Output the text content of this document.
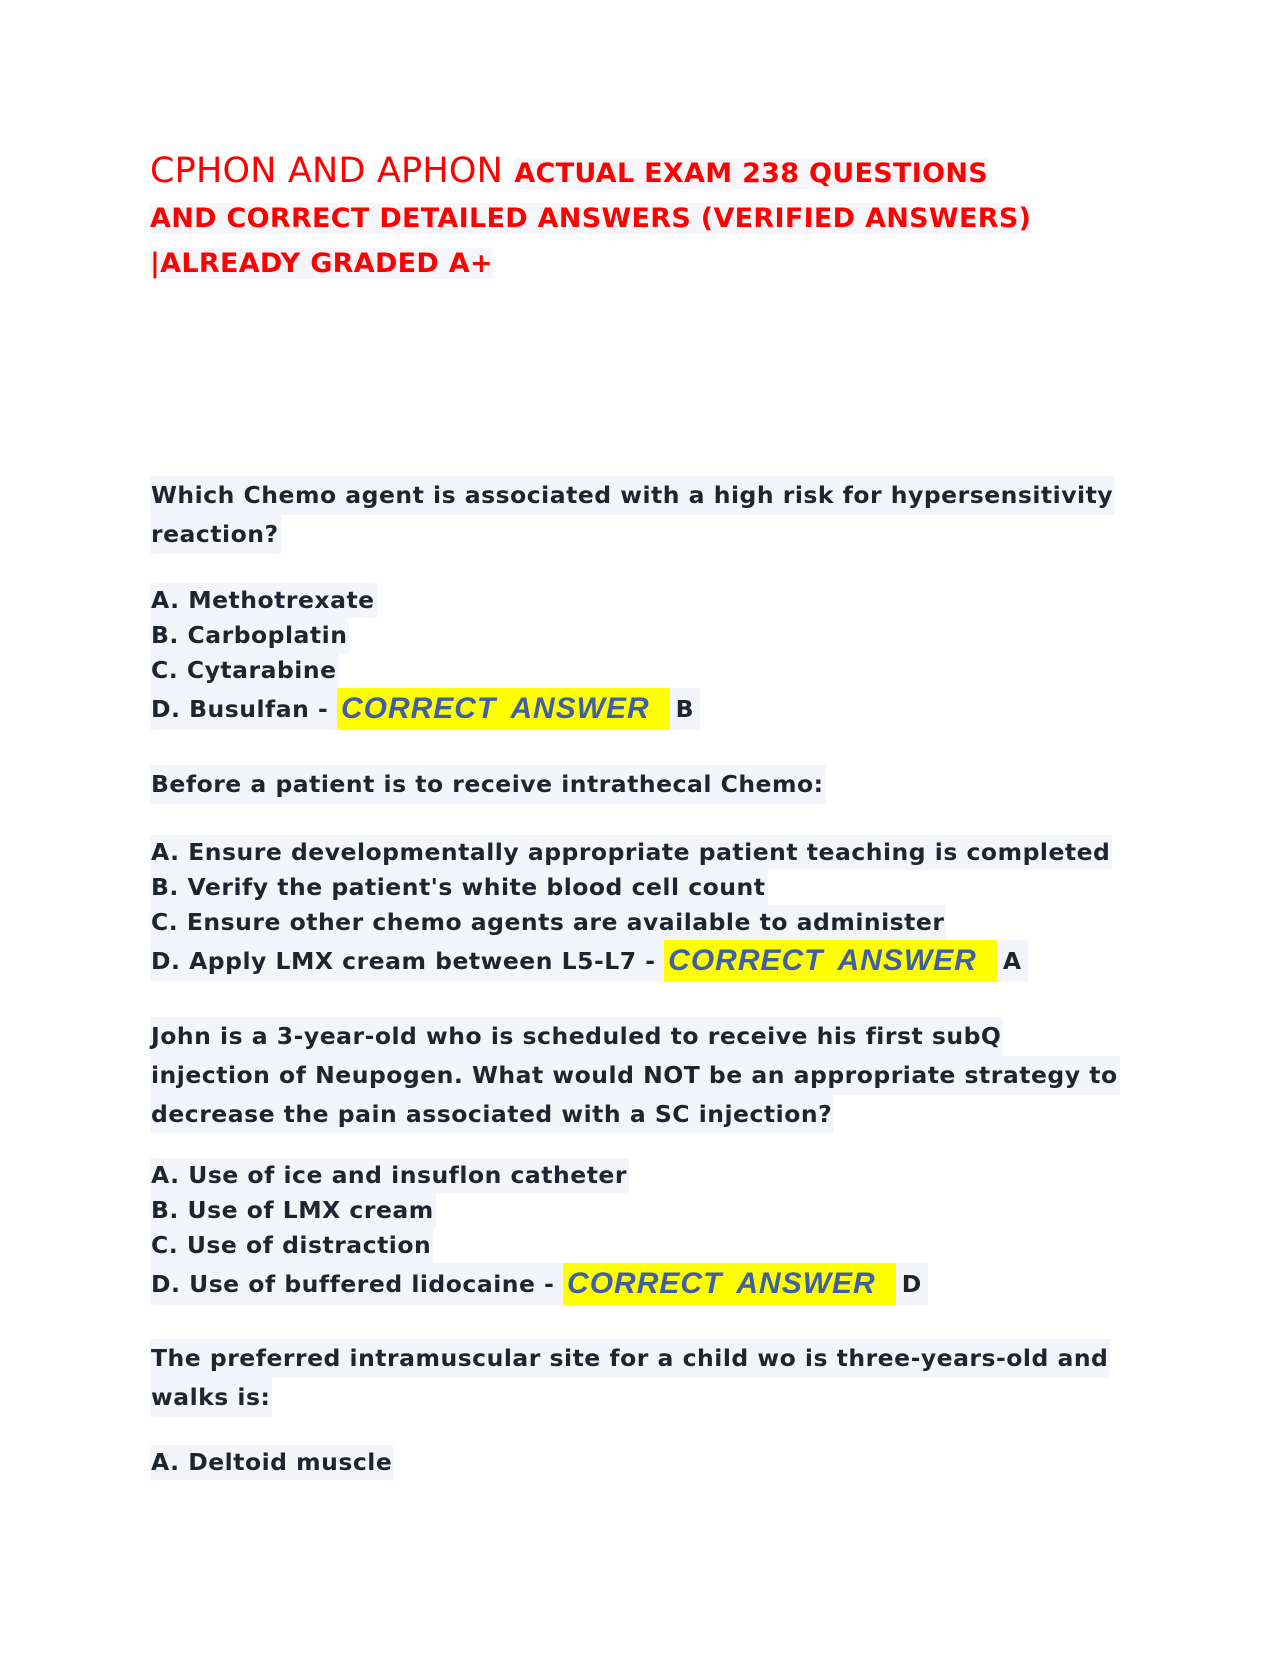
CPHON AND APHON ACTUAL EXAM 238 QUESTIONS
AND CORRECT DETAILED ANSWERS (VERIFIED ANSWERS)
|ALREADY GRADED A+
Which Chemo agent is associated with a high risk for hypersensitivity
reaction?
A. Methotrexate
B. Carboplatin
C. Cytarabine
D. Busulfan - CORRECT ANSWER B
Before a patient is to receive intrathecal Chemo:
A. Ensure developmentally appropriate patient teaching is completed
B. Verify the patient's white blood cell count
C. Ensure other chemo agents are available to administer
D. Apply LMX cream between L5-L7 - CORRECT ANSWER A
John is a 3-year-old who is scheduled to receive his first subQ
injection of Neupogen. What would NOT be an appropriate strategy to
decrease the pain associated with a SC injection?
A. Use of ice and insuflon catheter
B. Use of LMX cream
C. Use of distraction
D. Use of buffered lidocaine - CORRECT ANSWER D
The preferred intramuscular site for a child wo is three-years-old and
walks is:
A. Deltoid muscle
